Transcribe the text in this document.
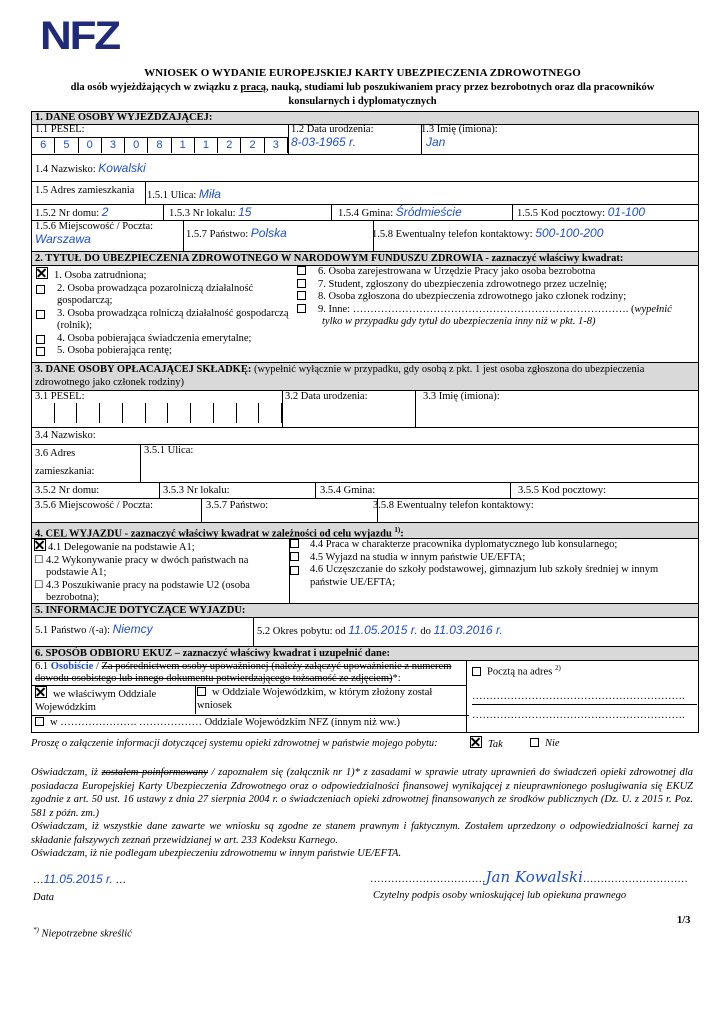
NFZ
WNIOSEK O WYDANIE EUROPEJSKIEJ KARTY UBEZPIECZENIA ZDROWOTNEGO
dla osób wyjeżdżających w związku z pracą, nauką, studiami lub poszukiwaniem pracy przez bezrobotnych oraz dla pracowników
konsularnych i dyplomatycznych
1. DANE OSOBY WYJEŻDŻAJĄCEJ:
1.1 PESEL:
6	5	0	3	0	8	1	1	2	2	3
1.2 Data urodzenia:
8-03-1965 r.
1.3 Imię (imiona):
Jan
1.4 Nazwisko: Kowalski
1.5 Adres zamieszkania	1.5.1 Ulica: Miła
1.5.2 Nr domu: 2	1.5.3 Nr lokalu: 15	1.5.4 Gmina: Śródmieście	1.5.5 Kod pocztowy: 01-100
1.5.6 Miejscowość / Poczta:
Warszawa	1.5.7 Państwo: Polska	1.5.8 Ewentualny telefon kontaktowy: 500-100-200
2. TYTUŁ DO UBEZPIECZENIA ZDROWOTNEGO W NARODOWYM FUNDUSZU ZDROWIA - zaznaczyć właściwy kwadrat:
1. Osoba zatrudniona;
2. Osoba prowadząca pozarolniczą działalność gospodarczą;
3. Osoba prowadząca rolniczą działalność gospodarczą (rolnik);
4. Osoba pobierająca świadczenia emerytalne;
5. Osoba pobierająca rentę;
6. Osoba zarejestrowana w Urzędzie Pracy jako osoba bezrobotna
7. Student, zgłoszony do ubezpieczenia zdrowotnego przez uczelnię;
8. Osoba zgłoszona do ubezpieczenia zdrowotnego jako członek rodziny;
9. Inne: ……………………………………………………………………. (wypełnić
tylko w przypadku gdy tytuł do ubezpieczenia inny niż w pkt. 1-8)
3. DANE OSOBY OPŁACAJĄCEJ SKŁADKĘ: (wypełnić wyłącznie w przypadku, gdy osobą z pkt. 1 jest osoba zgłoszona do ubezpieczenia zdrowotnego jako członek rodziny)
3.1 PESEL:	3.2 Data urodzenia:	3.3 Imię (imiona):
3.4 Nazwisko:
3.6 Adres
zamieszkania:
3.5.1 Ulica:
3.5.2 Nr domu:	3.5.3 Nr lokalu:	3.5.4 Gmina:	3.5.5 Kod pocztowy:
3.5.6 Miejscowość / Poczta:	3.5.7 Państwo:	3.5.8 Ewentualny telefon kontaktowy:
4. CEL WYJAZDU - zaznaczyć właściwy kwadrat w zależności od celu wyjazdu $^{1)}$:
4.1 Delegowanie na podstawie A1;
☐ 4.2 Wykonywanie pracy w dwóch państwach na podstawie A1;
☐ 4.3 Poszukiwanie pracy na podstawie U2 (osoba bezrobotna);
4.4 Praca w charakterze pracownika dyplomatycznego lub konsularnego;
4.5 Wyjazd na studia w innym państwie UE/EFTA;
4.6 Uczęszczanie do szkoły podstawowej, gimnazjum lub szkoły średniej w innym państwie UE/EFTA;
5. INFORMACJE DOTYCZĄCE WYJAZDU:
5.1 Państwo /(-a): Niemcy	5.2 Okres pobytu: od 11.05.2015 r. do 11.03.2016 r.
6. SPOSÓB ODBIORU EKUZ – zaznaczyć właściwy kwadrat i uzupełnić dane:
6.1 Osobiście / Za pośrednictwem osoby upoważnionej (należy załączyć upoważnienie z numerem dowodu osobistego lub innego dokumentu potwierdzającego tożsamość ze zdjęciem)*:
we właściwym Oddziale Wojewódzkim
w Oddziale Wojewódzkim, w którym złożony został wniosek
w …………………. ……………… Oddziale Wojewódzkim NFZ (innym niż ww.)
Pocztą na adres $^{2)}$
…………………………………………………….
…………………………………………………….
Proszę o załączenie informacji dotyczącej systemu opieki zdrowotnej w państwie mojego pobytu:	Tak	Nie
Oświadczam, iż zostałem poinformowany / zapoznałem się (załącznik nr 1)* z zasadami w sprawie utraty uprawnień do świadczeń opieki zdrowotnej dla posiadacza Europejskiej Karty Ubezpieczenia Zdrowotnego oraz o odpowiedzialności finansowej wynikającej z nieuprawnionego posługiwania się EKUZ zgodnie z art. 50 ust. 16 ustawy z dnia 27 sierpnia 2004 r. o świadczeniach opieki zdrowotnej finansowanych ze środków publicznych (Dz. U. z 2015 r. Poz. 581 z późn. zm.)
Oświadczam, iż wszystkie dane zawarte we wniosku są zgodne ze stanem prawnym i faktycznym. Zostałem uprzedzony o odpowiedzialności karnej za składanie fałszywych zeznań przewidzianej w art. 233 Kodeksu Karnego.
Oświadczam, iż nie podlegam ubezpieczeniu zdrowotnemu w innym państwie UE/EFTA.
…11.05.2015 r. …
Data
……………………………Jan Kowalski…………………………
Czytelny podpis osoby wnioskującej lub opiekuna prawnego
1/3
*) Niepotrzebne skreślić
